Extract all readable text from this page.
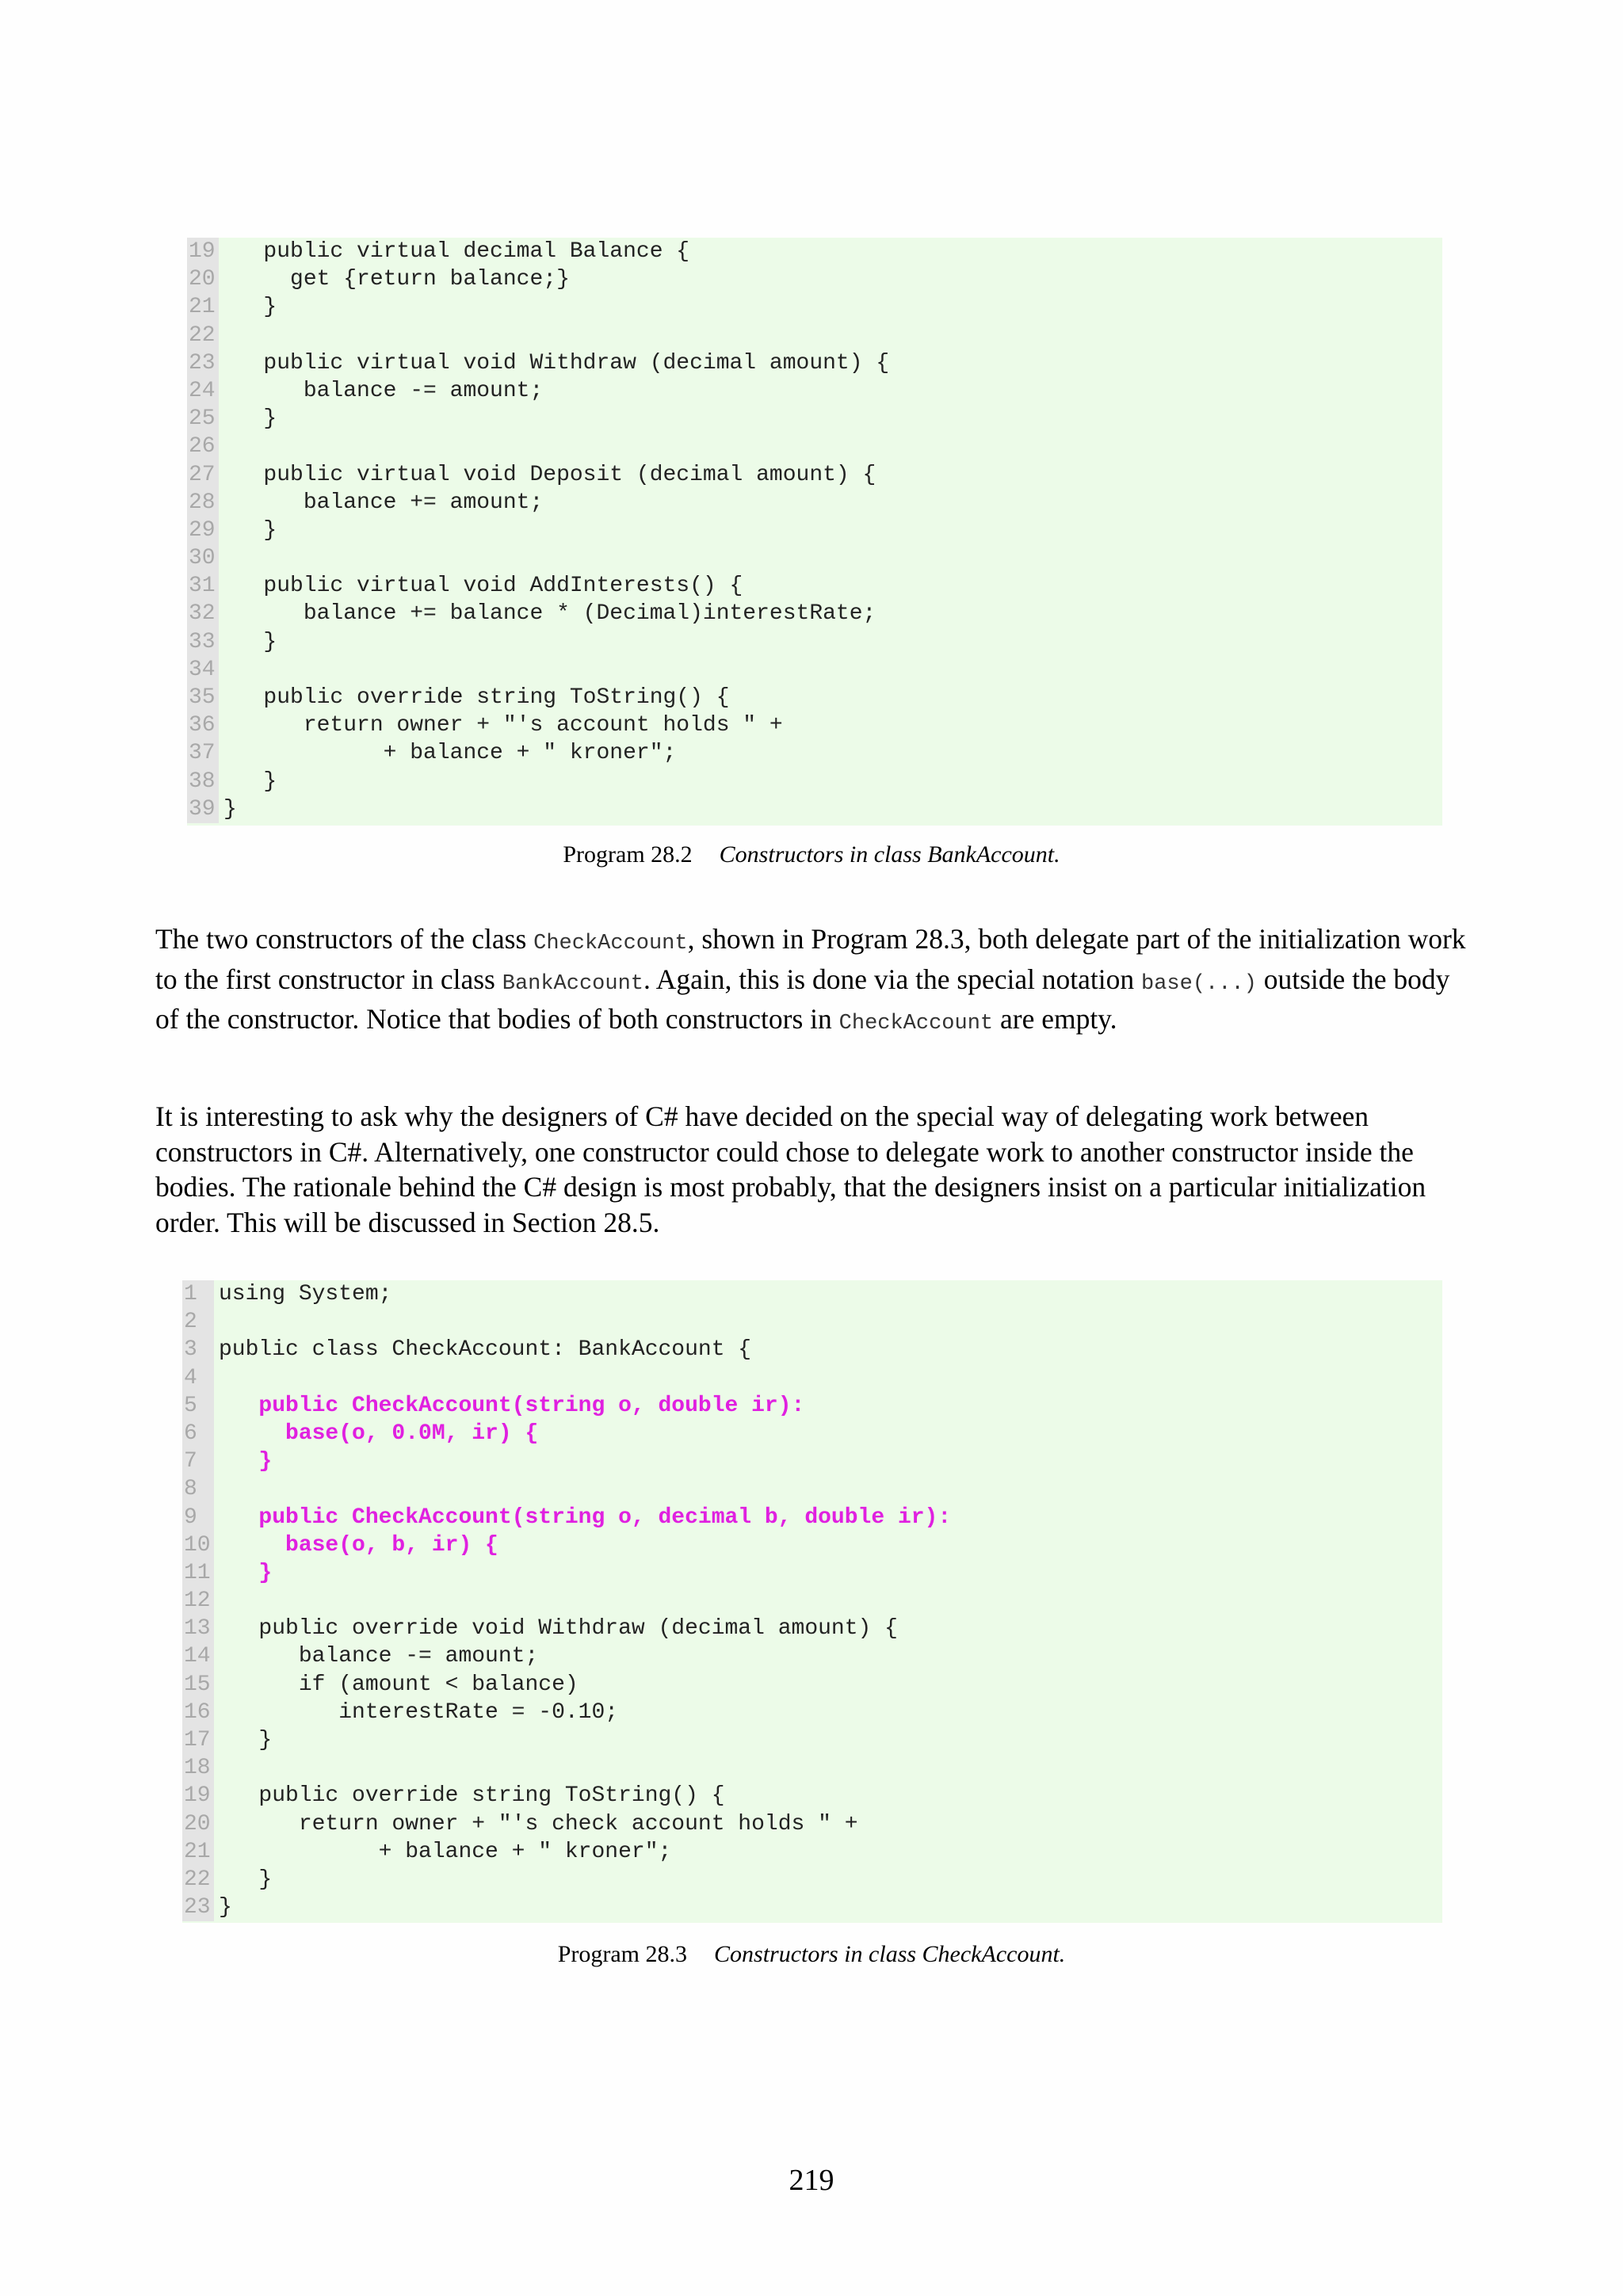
19 public virtual decimal Balance {
20 get {return balance;}
21 }
22
23 public virtual void Withdraw (decimal amount) {
24 balance -= amount;
25 }
26
27 public virtual void Deposit (decimal amount) {
28 balance += amount;
29 }
30
31 public virtual void AddInterests() {
32 balance += balance * (Decimal)interestRate;
33 }
34
35 public override string ToString() {
36 return owner + "'s account holds " +
37 + balance + " kroner";
38 }
39 }
Program 28.2 Constructors in class BankAccount.

The two constructors of the class CheckAccount, shown in Program 28.3, both delegate part of the initialization work to the first constructor in class BankAccount. Again, this is done via the special notation base(...) outside the body of the constructor. Notice that bodies of both constructors in CheckAccount are empty.

It is interesting to ask why the designers of C# have decided on the special way of delegating work between constructors in C#. Alternatively, one constructor could chose to delegate work to another constructor inside the bodies. The rationale behind the C# design is most probably, that the designers insist on a particular initialization order. This will be discussed in Section 28.5.

1 using System;
2
3 public class CheckAccount: BankAccount {
4
5 public CheckAccount(string o, double ir):
6 base(o, 0.0M, ir) {
7 }
8
9 public CheckAccount(string o, decimal b, double ir):
10 base(o, b, ir) {
11 }
12
13 public override void Withdraw (decimal amount) {
14 balance -= amount;
15 if (amount < balance)
16 interestRate = -0.10;
17 }
18
19 public override string ToString() {
20 return owner + "'s check account holds " +
21 + balance + " kroner";
22 }
23 }
Program 28.3 Constructors in class CheckAccount.
219
